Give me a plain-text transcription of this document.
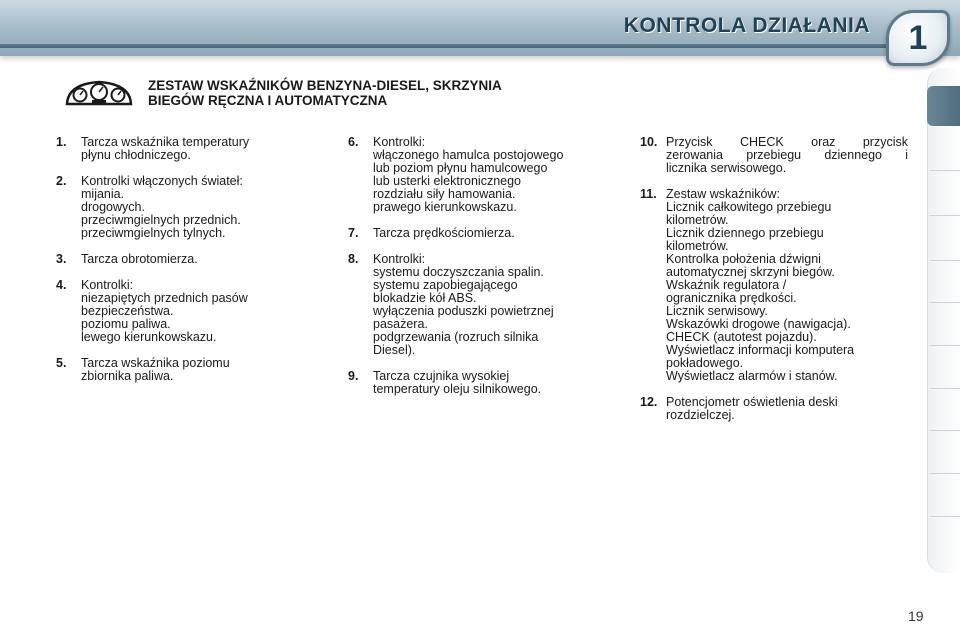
KONTROLA DZIAŁANIA	1
ZESTAW WSKAŹNIKÓW BENZYNA-DIESEL, SKRZYNIA
BIEGÓW RĘCZNA I AUTOMATYCZNA
1. Tarcza wskaźnika temperatury
płynu chłodniczego.
2. Kontrolki włączonych świateł:
mijania.
drogowych.
przeciwmgielnych przednich.
przeciwmgielnych tylnych.
3. Tarcza obrotomierza.
4. Kontrolki:
niezapiętych przednich pasów
bezpieczeństwa.
poziomu paliwa.
lewego kierunkowskazu.
5. Tarcza wskaźnika poziomu
zbiornika paliwa.
6. Kontrolki:
włączonego hamulca postojowego
lub poziom płynu hamulcowego
lub usterki elektronicznego
rozdziału siły hamowania.
prawego kierunkowskazu.
7. Tarcza prędkościomierza.
8. Kontrolki:
systemu doczyszczania spalin.
systemu zapobiegającego
blokadzie kół ABS.
wyłączenia poduszki powietrznej
pasażera.
podgrzewania (rozruch silnika
Diesel).
9. Tarcza czujnika wysokiej
temperatury oleju silnikowego.
10. Przycisk CHECK oraz przycisk
zerowania przebiegu dziennego i
licznika serwisowego.
11. Zestaw wskaźników:
Licznik całkowitego przebiegu
kilometrów.
Licznik dziennego przebiegu
kilometrów.
Kontrolka położenia dźwigni
automatycznej skrzyni biegów.
Wskaźnik regulatora /
ogranicznika prędkości.
Licznik serwisowy.
Wskazówki drogowe (nawigacja).
CHECK (autotest pojazdu).
Wyświetlacz informacji komputera
pokładowego.
Wyświetlacz alarmów i stanów.
12. Potencjometr oświetlenia deski
rozdzielczej.
19
